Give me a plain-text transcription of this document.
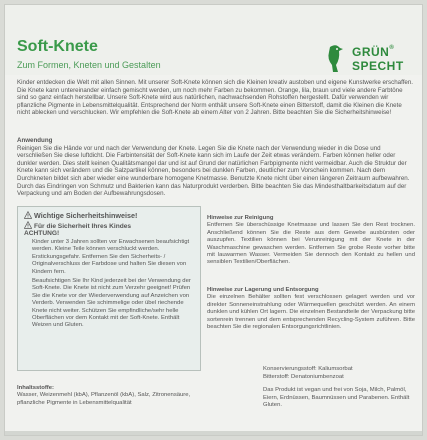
Soft-Knete
Zum Formen, Kneten und Gestalten
GRÜN®
SPECHT
Kinder entdecken die Welt mit allen Sinnen. Mit unserer Soft-Knete können sich die Kleinen kreativ austoben und eigene Kunstwerke erschaffen. Die Knete kann untereinander einfach gemischt werden, um noch mehr Farben zu bekommen. Orange, lila, braun und viele andere Farbtöne sind so ganz einfach herstellbar. Unsere Soft-Knete wird aus natürlichen, nachwachsenden Rohstoffen hergestellt. Dafür verwenden wir pflanzliche Pigmente in Lebensmittelqualität. Entsprechend der Norm enthält unsere Soft-Knete einen Bitterstoff, damit die Kleinen die Knete nicht ablecken und verschlucken. Wir empfehlen die Soft-Knete ab einem Alter von 2 Jahren. Bitte beachten Sie die Sicherheitshinweise!
Anwendung
Reinigen Sie die Hände vor und nach der Verwendung der Knete. Legen Sie die Knete nach der Verwendung wieder in die Dose und verschließen Sie diese luftdicht. Die Farbintensität der Soft-Knete kann sich im Laufe der Zeit etwas verändern. Farben können heller oder dunkler werden. Dies stellt keinen Qualitätsmangel dar und ist auf Grund der natürlichen Farbpigmente nicht vermeidbar. Auch die Struktur der Knete kann sich verändern und die Salzpartikel können, besonders bei dunklen Farben, deutlicher zum Vorschein kommen. Nach dem Durchkneten bildet sich aber wieder eine wunderbare homogene Knetmasse. Benutzte Knete nicht über einen längeren Zeitraum aufbewahren. Durch das Eindringen von Schmutz und Bakterien kann das Naturprodukt verderben. Bitte beachten Sie das Mindesthaltbarkeitsdatum auf der Verpackung und am Boden der Aufbewahrungsdosen.
Wichtige Sicherheitshinweise!
Für die Sicherheit Ihres Kindes
ACHTUNG!

Kinder unter 3 Jahren sollten vor Erwachsenen beaufsichtigt werden. Kleine Teile können verschluckt werden. Erstickungsgefahr. Entfernen Sie den Sicherheits- / Originalverschluss der Farbdose und halten Sie diesen von Kindern fern.

Beaufsichtigen Sie Ihr Kind jederzeit bei der Verwendung der Soft-Knete. Die Knete ist nicht zum Verzehr geeignet! Prüfen Sie die Knete vor der Wiederverwendung auf Anzeichen von Verderb. Verwenden Sie schimmelige oder übel riechende Knete nicht weiter. Schützen Sie empfindliche/sehr helle Oberflächen vor dem Kontakt mit der Soft-Knete. Enthält Weizen und Gluten.

Hinweise zur Reinigung
Entfernen Sie überschüssige Knetmasse und lassen Sie den Rest trocknen. Anschließend können Sie die Reste aus dem Gewebe ausbürsten oder auszupfen. Textilien können bei Verunreinigung mit der Knete in der Waschmaschine gewaschen werden. Entfernen Sie grobe Reste vorher bitte mit lauwarmen Wasser. Vermeiden Sie dennoch den Kontakt zu hellen und sensiblen Textilien/Oberflächen.
Hinweise zur Lagerung und Entsorgung
Die einzelnen Behälter sollten fest verschlossen gelagert werden und vor direkter Sonneneinstrahlung oder Wärmequellen geschützt werden. An einem dunklen und kühlen Ort lagern. Die einzelnen Bestandteile der Verpackung bitte sortenrein trennen und dem entsprechenden Recycling-System zuführen. Bitte beachten Sie die regionalen Entsorgungsrichtlinien.
Konservierungsstoff: Kaliumsorbat
Bitterstoff: Denatoniumbenzoat
Das Produkt ist vegan und frei von Soja, Milch, Palmöl, Eiern, Erdnüssen, Baumnüssen und Parabenen. Enthält Gluten.
Inhaltsstoffe:
Wasser, Weizenmehl (kbA), Pflanzenöl (kbA), Salz, Zitronensäure, pflanzliche Pigmente in Lebensmittelqualität
